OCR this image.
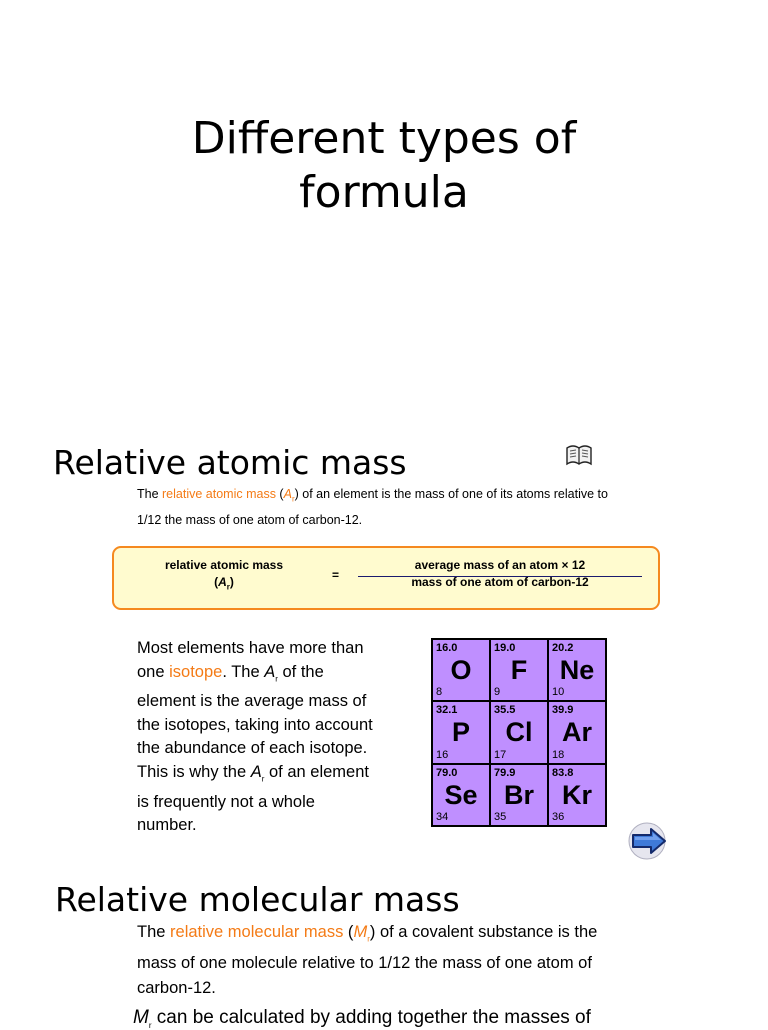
Different types of
formula
Relative atomic mass
The relative atomic mass $(A_r)$ of an element is the mass of one of its atoms relative to
1/12 the mass of one atom of carbon-12.
relative atomic mass
$(A_r)$	=
average mass of an atom × 12
mass of one atom of carbon-12
Most elements have more than
one isotope. The $A_r$ of the
element is the average mass of
the isotopes, taking into account
the abundance of each isotope.
This is why the $A_r$ of an element
is frequently not a whole
number.
16.0
O
8
19.0
F
9
20.2
Ne
10
32.1
P
16
35.5
Cl
17
39.9
Ar
18
79.0
Se
34
79.9
Br
35
83.8
Kr
36
Relative molecular mass
The relative molecular mass $(M_r)$ of a covalent substance is the
mass of one molecule relative to 1/12 the mass of one atom of
carbon-12.
$M_r$ can be calculated by adding together the masses of
